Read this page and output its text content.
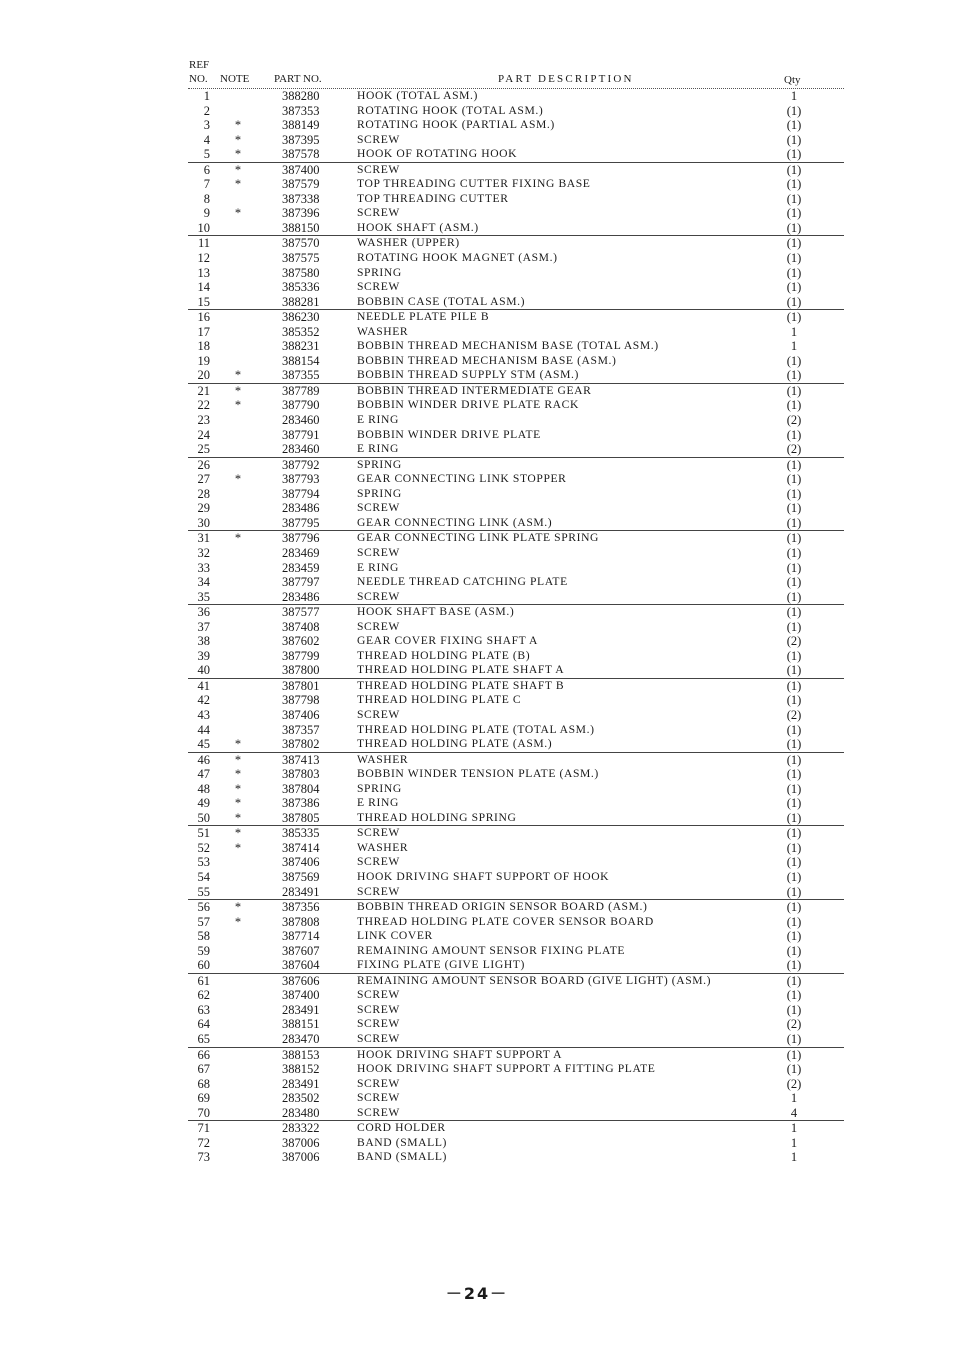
REF
NO. NOTE PART NO.	PART DESCRIPTION	Qty
1	388280	HOOK (TOTAL ASM.)	1
2	387353	ROTATING HOOK (TOTAL ASM.)	(1)
3 *	388149	ROTATING HOOK (PARTIAL ASM.)	(1)
4 *	387395	SCREW	(1)
5 *	387578	HOOK OF ROTATING HOOK	(1)
6 *	387400	SCREW	(1)
7 *	387579	TOP THREADING CUTTER FIXING BASE	(1)
8	387338	TOP THREADING CUTTER	(1)
9 *	387396	SCREW	(1)
10	388150	HOOK SHAFT (ASM.)	(1)
11	387570	WASHER (UPPER)	(1)
12	387575	ROTATING HOOK MAGNET (ASM.)	(1)
13	387580	SPRING	(1)
14	385336	SCREW	(1)
15	388281	BOBBIN CASE (TOTAL ASM.)	(1)
16	386230	NEEDLE PLATE PILE B	(1)
17	385352	WASHER	1
18	388231	BOBBIN THREAD MECHANISM BASE (TOTAL ASM.)	1
19	388154	BOBBIN THREAD MECHANISM BASE (ASM.)	(1)
20 *	387355	BOBBIN THREAD SUPPLY STM (ASM.)	(1)
21 *	387789	BOBBIN THREAD INTERMEDIATE GEAR	(1)
22 *	387790	BOBBIN WINDER DRIVE PLATE RACK	(1)
23	283460	E RING	(2)
24	387791	BOBBIN WINDER DRIVE PLATE	(1)
25	283460	E RING	(2)
26	387792	SPRING	(1)
27 *	387793	GEAR CONNECTING LINK STOPPER	(1)
28	387794	SPRING	(1)
29	283486	SCREW	(1)
30	387795	GEAR CONNECTING LINK (ASM.)	(1)
31 *	387796	GEAR CONNECTING LINK PLATE SPRING	(1)
32	283469	SCREW	(1)
33	283459	E RING	(1)
34	387797	NEEDLE THREAD CATCHING PLATE	(1)
35	283486	SCREW	(1)
36	387577	HOOK SHAFT BASE (ASM.)	(1)
37	387408	SCREW	(1)
38	387602	GEAR COVER FIXING SHAFT A	(2)
39	387799	THREAD HOLDING PLATE (B)	(1)
40	387800	THREAD HOLDING PLATE SHAFT A	(1)
41	387801	THREAD HOLDING PLATE SHAFT B	(1)
42	387798	THREAD HOLDING PLATE C	(1)
43	387406	SCREW	(2)
44	387357	THREAD HOLDING PLATE (TOTAL ASM.)	(1)
45 *	387802	THREAD HOLDING PLATE (ASM.)	(1)
46 *	387413	WASHER	(1)
47 *	387803	BOBBIN WINDER TENSION PLATE (ASM.)	(1)
48 *	387804	SPRING	(1)
49 *	387386	E RING	(1)
50 *	387805	THREAD HOLDING SPRING	(1)
51 *	385335	SCREW	(1)
52 *	387414	WASHER	(1)
53	387406	SCREW	(1)
54	387569	HOOK DRIVING SHAFT SUPPORT OF HOOK	(1)
55	283491	SCREW	(1)
56 *	387356	BOBBIN THREAD ORIGIN SENSOR BOARD (ASM.)	(1)
57 *	387808	THREAD HOLDING PLATE COVER SENSOR BOARD	(1)
58	387714	LINK COVER	(1)
59	387607	REMAINING AMOUNT SENSOR FIXING PLATE	(1)
60	387604	FIXING PLATE (GIVE LIGHT)	(1)
61	387606	REMAINING AMOUNT SENSOR BOARD (GIVE LIGHT) (ASM.)	(1)
62	387400	SCREW	(1)
63	283491	SCREW	(1)
64	388151	SCREW	(2)
65	283470	SCREW	(1)
66	388153	HOOK DRIVING SHAFT SUPPORT A	(1)
67	388152	HOOK DRIVING SHAFT SUPPORT A FITTING PLATE	(1)
68	283491	SCREW	(2)
69	283502	SCREW	1
70	283480	SCREW	4
71	283322	CORD HOLDER	1
72	387006	BAND (SMALL)	1
73	387006	BAND (SMALL)	1
－24－
